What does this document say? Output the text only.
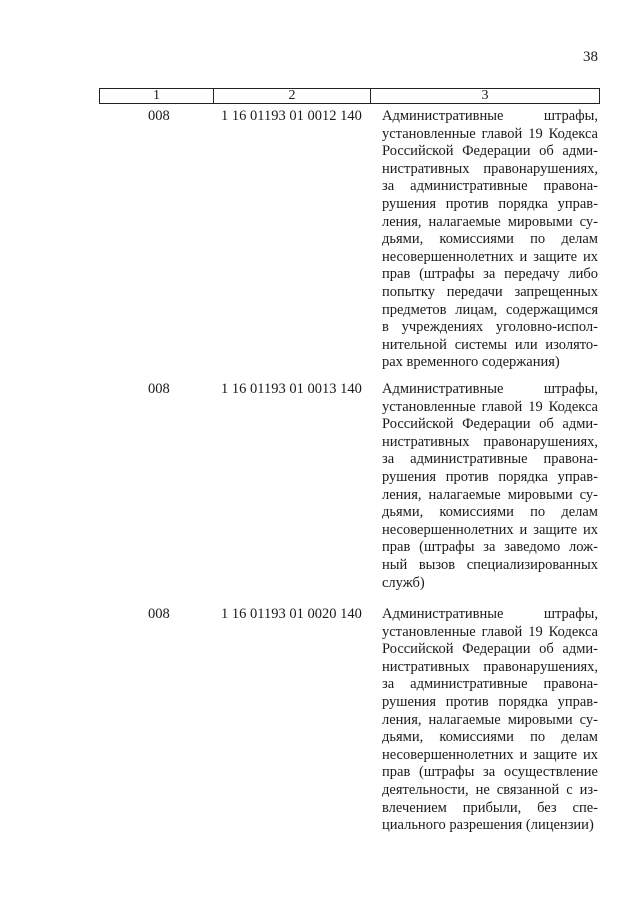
38
1	2	3
008	1 16 01193 01 0012 140 Административные штрафы,
установленные главой 19 Кодекса
Российской Федерации об адми-
нистративных правонарушениях,
за административные правона-
рушения против порядка управ-
ления, налагаемые мировыми су-
дьями, комиссиями по делам
несовершеннолетних и защите их
прав (штрафы за передачу либо
попытку передачи запрещенных
предметов лицам, содержащимся
в учреждениях уголовно-испол-
нительной системы или изолято-
рах временного содержания)
008	1 16 01193 01 0013 140 Административные штрафы,
установленные главой 19 Кодекса
Российской Федерации об адми-
нистративных правонарушениях,
за административные правона-
рушения против порядка управ-
ления, налагаемые мировыми су-
дьями, комиссиями по делам
несовершеннолетних и защите их
прав (штрафы за заведомо лож-
ный вызов специализированных
служб)
008	1 16 01193 01 0020 140 Административные штрафы,
установленные главой 19 Кодекса
Российской Федерации об адми-
нистративных правонарушениях,
за административные правона-
рушения против порядка управ-
ления, налагаемые мировыми су-
дьями, комиссиями по делам
несовершеннолетних и защите их
прав (штрафы за осуществление
деятельности, не связанной с из-
влечением прибыли, без спе-
циального разрешения (лицензии)
